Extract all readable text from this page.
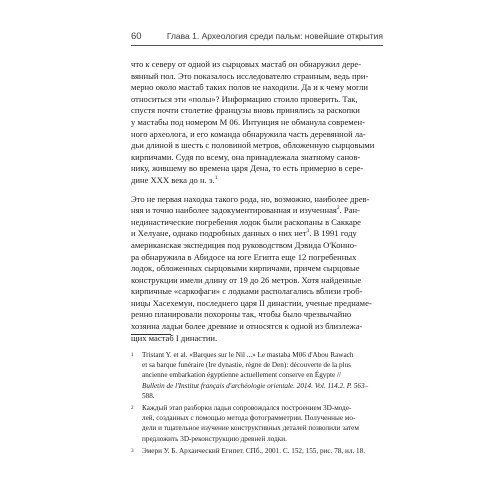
60	Глава 1. Археология среди пальм: новейшие открытия
что к северу от одной из сырцовых мастаб он обнаружил дере-
вянный пол. Это показалось исследователю странным, ведь при-
мерно около мастаб таких полов не находили. Да и к чему могли
относиться эти «полы»? Информацию стоило проверить. Так,
спустя почти столетие французы вновь принялись за раскопки
у мастабы под номером М 06. Интуиция не обманула современ-
ного археолога, и его команда обнаружила часть деревянной ла-
дьи длиной в шесть с половиной метров, обложенную сырцовыми
кирпичами. Судя по всему, она принадлежала знатному санов-
нику, жившему во времена царя Дена, то есть примерно в сере-
дине XXX века до н. э.$^1$
Это не первая находка такого рода, но, возможно, наиболее древ-
няя и точно наиболее задокументированная и изученная$^2$. Ран-
нединастические погребения лодок были раскопаны в Саккаре
и Хелуане, однако подробных данных о них нет$^3$. В 1991 году
американская экспедиция под руководством Дэвида О'Конно-
ра обнаружила в Абидосе на юге Египта еще 12 погребенных
лодок, обложенных сырцовыми кирпичами, причем сырцовые
конструкции имели длину от 19 до 26 метров. Хотя найденные
кирпичные «саркофаги» с лодками располагались вблизи гроб-
ницы Хасехемуи, последнего царя II династии, ученые преднаме-
ренно планировали похороны так, чтобы было чрезвычайно
хозяина ладьи более древние и относятся к одной из близлежа-
щих мастаб I династии.
1 Tristant Y. et al. «Barques sur le Nil ...» Le mastaba M06 d'Abou Rawach
et sa barque funéraire (Ire dynastie, règne de Den): découverte de la plus
ancienne embarkation égyptienne actuellement conserve en Égypte //
Bulletin de l'Institut français d'archéologie orientale. 2014. Vol. 114.2. P. 563–
588.
2 Каждый этап разборки ладьи сопровождался построением 3D-моде-
лей, созданных с помощью метода фотограмметрии. Полученные мо-
дели и тщательное изучение конструктивных деталей позволили затем
предложить 3D-реконструкцию древней лодки.
3 Эмери У. Б. Архаический Египет. СПб., 2001. С. 152, 155, рис. 78, ил. 18.
